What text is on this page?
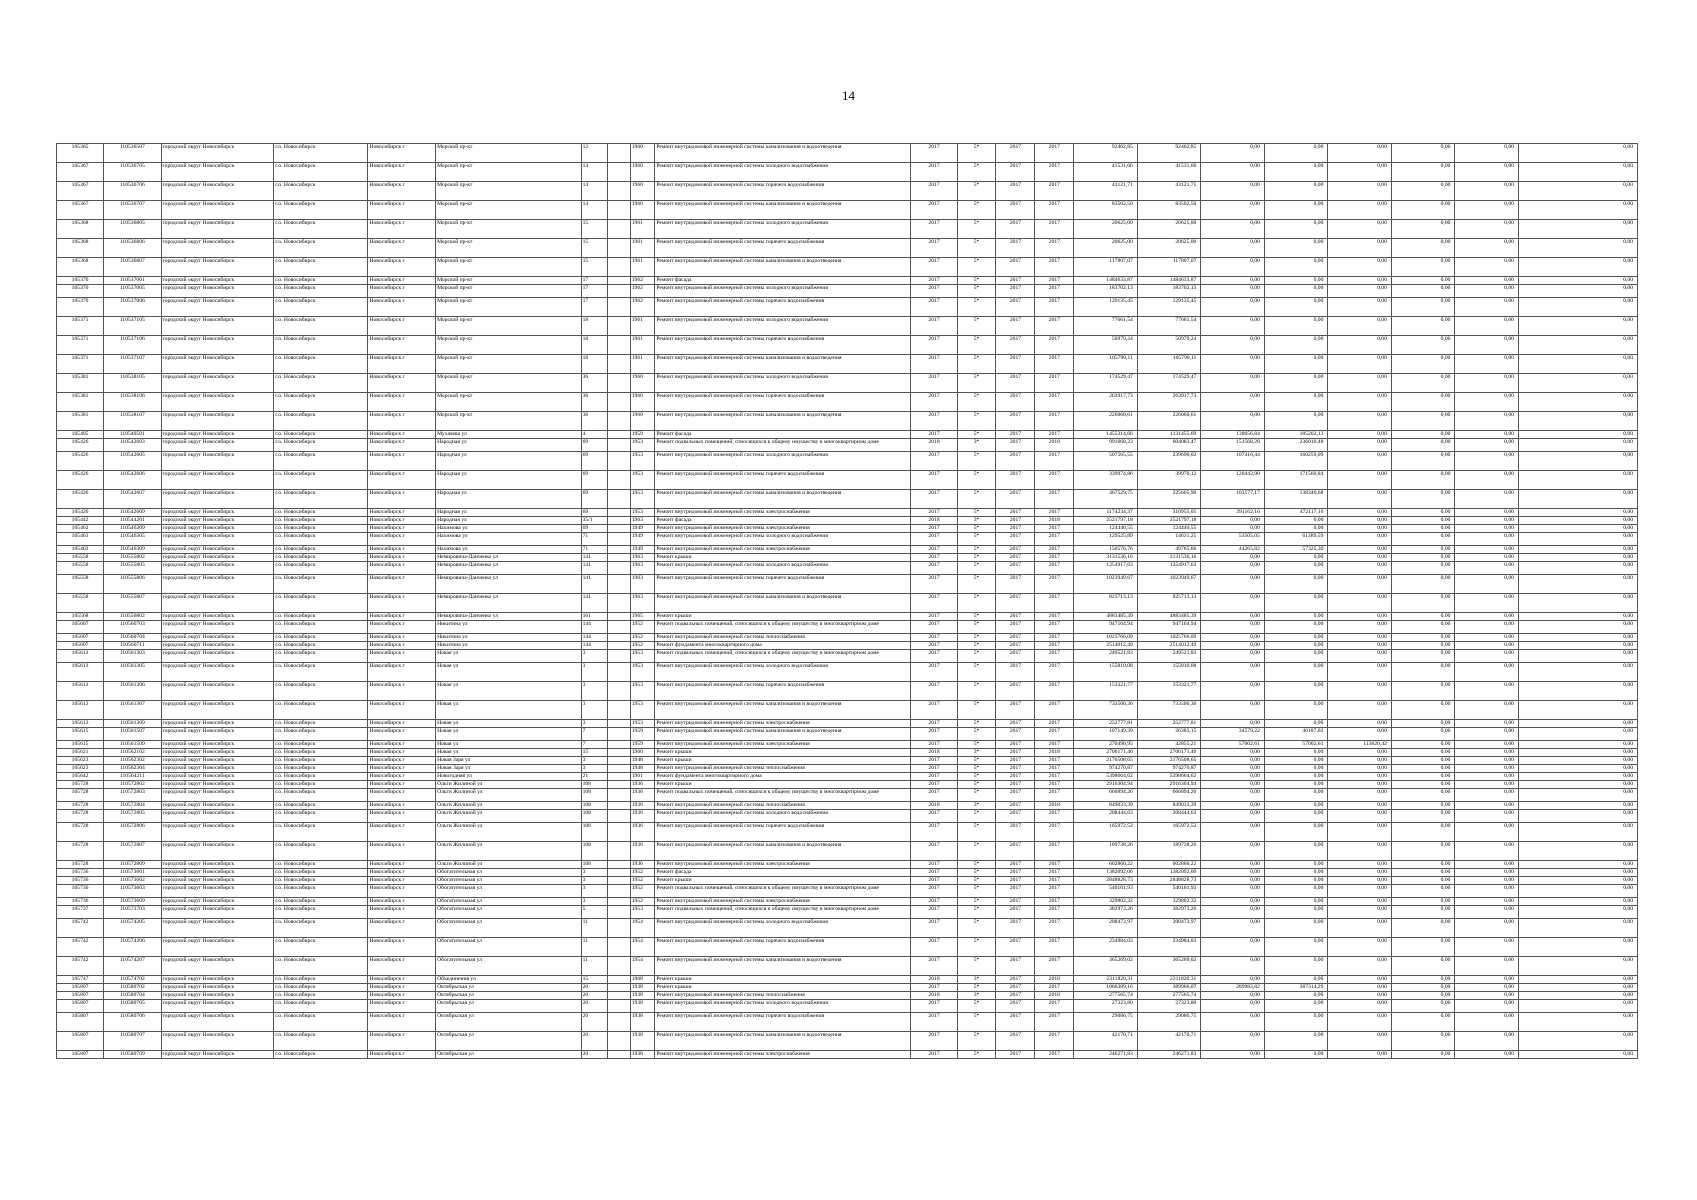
14
105365	110536507	городской округ Новосибирск	г.о. Новосибирск	Новосибирск г	Морской пр-кт	12		1960	Ремонт внутридомовой инженерной системы канализования и водоотведения	2017	5*	2017	2017	92462,85	92462,85	0,00	0,00	0,00	0,00	0,00	0,00
105367	110536705	городской округ Новосибирск	г.о. Новосибирск	Новосибирск г	Морской пр-кт	14		1960	Ремонт внутридомовой инженерной системы холодного водоснабжения	2017	5*	2017	2017	41531,66	41531,66	0,00	0,00	0,00	0,00	0,00	0,00
105367	110536706	городской округ Новосибирск	г.о. Новосибирск	Новосибирск г	Морской пр-кт	14		1960	Ремонт внутридомовой инженерной системы горячего водоснабжения	2017	5*	2017	2017	43121,71	43121,71	0,00	0,00	0,00	0,00	0,00	0,00
105367	110536707	городской округ Новосибирск	г.о. Новосибирск	Новосибирск г	Морской пр-кт	14		1960	Ремонт внутридомовой инженерной системы канализования и водоотведения	2017	5*	2017	2017	83502,50	83502,50	0,00	0,00	0,00	0,00	0,00	0,00
105368	110536805	городской округ Новосибирск	г.о. Новосибирск	Новосибирск г	Морской пр-кт	15		1961	Ремонт внутридомовой инженерной системы холодного водоснабжения	2017	5*	2017	2017	20625,00	20625,00	0,00	0,00	0,00	0,00	0,00	0,00
105368	110536806	городской округ Новосибирск	г.о. Новосибирск	Новосибирск г	Морской пр-кт	15		1961	Ремонт внутридомовой инженерной системы горячего водоснабжения	2017	5*	2017	2017	20625,00	20625,00	0,00	0,00	0,00	0,00	0,00	0,00
105368	110536807	городской округ Новосибирск	г.о. Новосибирск	Новосибирск г	Морской пр-кт	15		1961	Ремонт внутридомовой инженерной системы канализования и водоотведения	2017	5*	2017	2017	117807,07	117807,07	0,00	0,00	0,00	0,00	0,00	0,00
105370	110537001	городской округ Новосибирск	г.о. Новосибирск	Новосибирск г	Морской пр-кт	17		1962	Ремонт фасада	2017	5*	2017	2017	1484633,87	1484633,87	0,00	0,00	0,00	0,00	0,00	0,00
105370	110537005	городской округ Новосибирск	г.о. Новосибирск	Новосибирск г	Морской пр-кт	17		1962	Ремонт внутридомовой инженерной системы холодного водоснабжения	2017	5*	2017	2017	183702,13	183702,13	0,00	0,00	0,00	0,00	0,00	0,00
105370	110537006	городской округ Новосибирск	г.о. Новосибирск	Новосибирск г	Морской пр-кт	17		1962	Ремонт внутридомовой инженерной системы горячего водоснабжения	2017	5*	2017	2017	129135,45	129135,45	0,00	0,00	0,00	0,00	0,00	0,00
105371	110537105	городской округ Новосибирск	г.о. Новосибирск	Новосибирск г	Морской пр-кт	18		1961	Ремонт внутридомовой инженерной системы холодного водоснабжения	2017	5*	2017	2017	77661,54	77661,54	0,00	0,00	0,00	0,00	0,00	0,00
105371	110537106	городской округ Новосибирск	г.о. Новосибирск	Новосибирск г	Морской пр-кт	18		1961	Ремонт внутридомовой инженерной системы горячего водоснабжения	2017	5*	2017	2017	50979,24	50979,24	0,00	0,00	0,00	0,00	0,00	0,00
105371	110537107	городской округ Новосибирск	г.о. Новосибирск	Новосибирск г	Морской пр-кт	18		1961	Ремонт внутридомовой инженерной системы канализования и водоотведения	2017	5*	2017	2017	105790,11	105790,11	0,00	0,00	0,00	0,00	0,00	0,00
105381	110538105	городской округ Новосибирск	г.о. Новосибирск	Новосибирск г	Морской пр-кт	36		1960	Ремонт внутридомовой инженерной системы холодного водоснабжения	2017	5*	2017	2017	174529,47	174529,47	0,00	0,00	0,00	0,00	0,00	0,00
105381	110538106	городской округ Новосибирск	г.о. Новосибирск	Новосибирск г	Морской пр-кт	36		1960	Ремонт внутридомовой инженерной системы горячего водоснабжения	2017	5*	2017	2017	263917,73	263917,73	0,00	0,00	0,00	0,00	0,00	0,00
105381	110538107	городской округ Новосибирск	г.о. Новосибирск	Новосибирск г	Морской пр-кт	36		1960	Ремонт внутридомовой инженерной системы канализования и водоотведения	2017	5*	2017	2017	226060,61	226060,61	0,00	0,00	0,00	0,00	0,00	0,00
105405	110540501	городской округ Новосибирск	г.о. Новосибирск	Новосибирск г	Мухачева ул	4		1959	Ремонт фасада	2017	5*	2017	2017	1455314,66	1131455,69	138656,84	185202,13	0,00	0,00	0,00	0,00
105426	110542603	городской округ Новосибирск	г.о. Новосибирск	Новосибирск г	Народная ул	69		1953	Ремонт подвальных помещений, относящихся к общему имуществу в многоквартирном доме	2018	3*	2017	2018	991668,23	604083,47	151568,28	236016,48	0,00	0,00	0,00	0,00
105426	110542605	городской округ Новосибирск	г.о. Новосибирск	Новосибирск г	Народная ул	69		1953	Ремонт внутридомовой инженерной системы холодного водоснабжения	2017	5*	2017	2017	507565,55	239690,02	107416,44	160259,09	0,00	0,00	0,00	0,00
105426	110542606	городской округ Новосибирск	г.о. Новосибирск	Новосибирск г	Народная ул	69		1953	Ремонт внутридомовой инженерной системы горячего водоснабжения	2017	5*	2017	2017	339974,86	39970,12	128443,90	171560,84	0,00	0,00	0,00	0,00
105426	110542607	городской округ Новосибирск	г.о. Новосибирск	Новосибирск г	Народная ул	69		1953	Ремонт внутридомовой инженерной системы канализования и водоотведения	2017	5*	2017	2017	467529,75	225605,90	103577,17	138346,68	0,00	0,00	0,00	0,00
105426	110542609	городской округ Новосибирск	г.о. Новосибирск	Новосибирск г	Народная ул	69		1953	Ремонт внутридомовой инженерной системы электроснабжения	2017	5*	2017	2017	1174234,37	310955,05	391162,16	472117,16	0,00	0,00	0,00	0,00
105442	110544201	городской округ Новосибирск	г.о. Новосибирск	Новосибирск г	Народная ул	35/1		1963	Ремонт фасада	2018	3*	2017	2018	2521797,18	2521797,18	0,00	0,00	0,00	0,00	0,00	0,00
105462	110546209	городской округ Новосибирск	г.о. Новосибирск	Новосибирск г	Нахимова ул	69		1949	Ремонт внутридомовой инженерной системы электроснабжения	2017	5*	2017	2017	124440,55	124440,55	0,00	0,00	0,00	0,00	0,00	0,00
105463	110546305	городской округ Новосибирск	г.о. Новосибирск	Новосибирск г	Нахимова ул	71		1949	Ремонт внутридомовой инженерной системы холодного водоснабжения	2017	5*	2017	2017	129525,89	14631,25	53505,05	61389,59	0,00	0,00	0,00	0,00
105463	110546309	городской округ Новосибирск	г.о. Новосибирск	Новосибирск г	Нахимова ул	71		1949	Ремонт внутридомовой инженерной системы электроснабжения	2017	5*	2017	2017	150576,76	49765,66	44265,82	57325,30	0,00	0,00	0,00	0,00
105558	110555802	городской округ Новосибирск	г.о. Новосибирск	Новосибирск г	Немировича-Данченко ул	141		1963	Ремонт крыши	2017	5*	2017	2017	3131536,16	3131536,16	0,00	0,00	0,00	0,00	0,00	0,00
105558	110555805	городской округ Новосибирск	г.о. Новосибирск	Новосибирск г	Немировича-Данченко ул	141		1963	Ремонт внутридомовой инженерной системы холодного водоснабжения	2017	5*	2017	2017	1254917,63	1254917,63	0,00	0,00	0,00	0,00	0,00	0,00
105558	110555806	городской округ Новосибирск	г.о. Новосибирск	Новосибирск г	Немировича-Данченко ул	141		1963	Ремонт внутридомовой инженерной системы горячего водоснабжения	2017	5*	2017	2017	1023949,67	1023949,67	0,00	0,00	0,00	0,00	0,00	0,00
105558	110555807	городской округ Новосибирск	г.о. Новосибирск	Новосибирск г	Немировича-Данченко ул	141		1963	Ремонт внутридомовой инженерной системы канализования и водоотведения	2017	5*	2017	2017	825713,13	825713,13	0,00	0,00	0,00	0,00	0,00	0,00
105568	110556802	городской округ Новосибирск	г.о. Новосибирск	Новосибирск г	Немировича-Данченко ул	161		1965	Ремонт крыши	2017	5*	2017	2017	4883485,39	4883485,39	0,00	0,00	0,00	0,00	0,00	0,00
105607	110560703	городской округ Новосибирск	г.о. Новосибирск	Новосибирск г	Никитина ул	144		1952	Ремонт подвальных помещений, относящихся к общему имуществу в многоквартирном доме	2017	5*	2017	2017	947164,94	947164,94	0,00	0,00	0,00	0,00	0,00	0,00
105607	110560704	городской округ Новосибирск	г.о. Новосибирск	Новосибирск г	Никитина ул	144		1952	Ремонт внутридомовой инженерной системы теплоснабжения	2017	5*	2017	2017	1025766,09	1025766,09	0,00	0,00	0,00	0,00	0,00	0,00
105607	110560711	городской округ Новосибирск	г.о. Новосибирск	Новосибирск г	Никитина ул	144		1952	Ремонт фундамента многоквартирного дома	2017	5*	2017	2017	2514012,49	2514012,49	0,00	0,00	0,00	0,00	0,00	0,00
105613	110561303	городской округ Новосибирск	г.о. Новосибирск	Новосибирск г	Новая ул	3		1953	Ремонт подвальных помещений, относящихся к общему имуществу в многоквартирном доме	2017	5*	2017	2017	249521,83	249521,83	0,00	0,00	0,00	0,00	0,00	0,00
105613	110561305	городской округ Новосибирск	г.о. Новосибирск	Новосибирск г	Новая ул	3		1953	Ремонт внутридомовой инженерной системы холодного водоснабжения	2017	5*	2017	2017	155810,08	155810,08	0,00	0,00	0,00	0,00	0,00	0,00
105613	110561306	городской округ Новосибирск	г.о. Новосибирск	Новосибирск г	Новая ул	3		1953	Ремонт внутридомовой инженерной системы горячего водоснабжения	2017	5*	2017	2017	153321,77	153321,77	0,00	0,00	0,00	0,00	0,00	0,00
105613	110561307	городской округ Новосибирск	г.о. Новосибирск	Новосибирск г	Новая ул	3		1953	Ремонт внутридомовой инженерной системы канализования и водоотведения	2017	5*	2017	2017	733500,36	733500,36	0,00	0,00	0,00	0,00	0,00	0,00
105613	110561309	городской округ Новосибирск	г.о. Новосибирск	Новосибирск г	Новая ул	3		1953	Ремонт внутридомовой инженерной системы электроснабжения	2017	5*	2017	2017	252777,81	252777,81	0,00	0,00	0,00	0,00	0,00	0,00
105615	110561507	городской округ Новосибирск	г.о. Новосибирск	Новосибирск г	Новая ул	7		1959	Ремонт внутридомовой инженерной системы канализования и водоотведения	2017	5*	2017	2017	107149,39	26383,15	34579,22	46187,02	0,00	0,00	0,00	0,00
105615	110561509	городской округ Новосибирск	г.о. Новосибирск	Новосибирск г	Новая ул	7		1959	Ремонт внутридомовой инженерной системы электроснабжения	2017	5*	2017	2017	270490,95	42855,21	57002,61	57002,61	113620,42	0,00	0,00	0,00
105621	110562102	городской округ Новосибирск	г.о. Новосибирск	Новосибирск г	Новая ул	15		1960	Ремонт крыши	2018	3*	2017	2018	2706171,46	2706171,46	0,00	0,00	0,00	0,00	0,00	0,00
105623	110562302	городской округ Новосибирск	г.о. Новосибирск	Новосибирск г	Новая Заря ул	3		1948	Ремонт крыши	2017	5*	2017	2017	2176508,65	2176508,65	0,00	0,00	0,00	0,00	0,00	0,00
105623	110562304	городской округ Новосибирск	г.о. Новосибирск	Новосибирск г	Новая Заря ул	3		1948	Ремонт внутридомовой инженерной системы теплоснабжения	2017	5*	2017	2017	974270,87	974270,87	0,00	0,00	0,00	0,00	0,00	0,00
105642	110564211	городской округ Новосибирск	г.о. Новосибирск	Новосибирск г	Новогодняя ул	21		1961	Ремонт фундамента многоквартирного дома	2017	5*	2017	2017	5398664,62	5398664,62	0,00	0,00	0,00	0,00	0,00	0,00
105728	110572802	городской округ Новосибирск	г.о. Новосибирск	Новосибирск г	Ольги Жилиной ул	108		1936	Ремонт крыши	2017	5*	2017	2017	2916304,94	2916304,94	0,00	0,00	0,00	0,00	0,00	0,00
105728	110572803	городской округ Новосибирск	г.о. Новосибирск	Новосибирск г	Ольги Жилиной ул	108		1936	Ремонт подвальных помещений, относящихся к общему имуществу в многоквартирном доме	2017	5*	2017	2017	666894,26	666894,26	0,00	0,00	0,00	0,00	0,00	0,00
105728	110572804	городской округ Новосибирск	г.о. Новосибирск	Новосибирск г	Ольги Жилиной ул	108		1936	Ремонт внутридомовой инженерной системы теплоснабжения	2018	3*	2017	2018	849033,39	849033,39	0,00	0,00	0,00	0,00	0,00	0,00
105728	110572805	городской округ Новосибирск	г.о. Новосибирск	Новосибирск г	Ольги Жилиной ул	108		1936	Ремонт внутридомовой инженерной системы холодного водоснабжения	2017	5*	2017	2017	208444,63	208444,63	0,00	0,00	0,00	0,00	0,00	0,00
105728	110572806	городской округ Новосибирск	г.о. Новосибирск	Новосибирск г	Ольги Жилиной ул	108		1936	Ремонт внутридомовой инженерной системы горячего водоснабжения	2017	5*	2017	2017	165972,52	165972,52	0,00	0,00	0,00	0,00	0,00	0,00
105728	110572807	городской округ Новосибирск	г.о. Новосибирск	Новосибирск г	Ольги Жилиной ул	108		1936	Ремонт внутридомовой инженерной системы канализования и водоотведения	2017	5*	2017	2017	189738,26	189738,26	0,00	0,00	0,00	0,00	0,00	0,00
105728	110572809	городской округ Новосибирск	г.о. Новосибирск	Новосибирск г	Ольги Жилиной ул	108		1936	Ремонт внутридомовой инженерной системы электроснабжения	2017	5*	2017	2017	602860,22	602860,22	0,00	0,00	0,00	0,00	0,00	0,00
105736	110573601	городской округ Новосибирск	г.о. Новосибирск	Новосибирск г	Обогатительная ул	3		1952	Ремонт фасада	2017	5*	2017	2017	1382092,06	1382092,06	0,00	0,00	0,00	0,00	0,00	0,00
105736	110573602	городской округ Новосибирск	г.о. Новосибирск	Новосибирск г	Обогатительная ул	3		1952	Ремонт крыши	2017	5*	2017	2017	2848828,73	2848828,73	0,00	0,00	0,00	0,00	0,00	0,00
105736	110573603	городской округ Новосибирск	г.о. Новосибирск	Новосибирск г	Обогатительная ул	3		1952	Ремонт подвальных помещений, относящихся к общему имуществу в многоквартирном доме	2017	5*	2017	2017	540101,93	540101,93	0,00	0,00	0,00	0,00	0,00	0,00
105736	110573609	городской округ Новосибирск	г.о. Новосибирск	Новосибирск г	Обогатительная ул	3		1952	Ремонт внутридомовой инженерной системы электроснабжения	2017	5*	2017	2017	329802,32	329802,32	0,00	0,00	0,00	0,00	0,00	0,00
105737	110573703	городской округ Новосибирск	г.о. Новосибирск	Новосибирск г	Обогатительная ул	5		1953	Ремонт подвальных помещений, относящихся к общему имуществу в многоквартирном доме	2017	5*	2017	2017	382973,26	382973,26	0,00	0,00	0,00	0,00	0,00	0,00
105742	110574205	городской округ Новосибирск	г.о. Новосибирск	Новосибирск г	Обогатительная ул	11		1954	Ремонт внутридомовой инженерной системы холодного водоснабжения	2017	5*	2017	2017	208473,97	208473,97	0,00	0,00	0,00	0,00	0,00	0,00
105742	110574206	городской округ Новосибирск	г.о. Новосибирск	Новосибирск г	Обогатительная ул	11		1954	Ремонт внутридомовой инженерной системы горячего водоснабжения	2017	5*	2017	2017	234984,03	234984,03	0,00	0,00	0,00	0,00	0,00	0,00
105742	110574207	городской округ Новосибирск	г.о. Новосибирск	Новосибирск г	Обогатительная ул	11		1954	Ремонт внутридомовой инженерной системы канализования и водоотведения	2017	5*	2017	2017	365269,02	365269,02	0,00	0,00	0,00	0,00	0,00	0,00
105747	110574702	городской округ Новосибирск	г.о. Новосибирск	Новосибирск г	Объединения ул	15		1968	Ремонт крыши	2018	3*	2017	2018	2311820,31	2311820,31	0,00	0,00	0,00	0,00	0,00	0,00
105807	110580702	городской округ Новосибирск	г.о. Новосибирск	Новосибирск г	Октябрьская ул	20		1938	Ремонт крыши	2017	5*	2017	2017	1066389,16	389966,07	289983,82	387314,29	0,00	0,00	0,00	0,00
105807	110580704	городской округ Новосибирск	г.о. Новосибирск	Новосибирск г	Октябрьская ул	20		1938	Ремонт внутридомовой инженерной системы теплоснабжения	2018	3*	2017	2018	277565,74	277565,74	0,00	0,00	0,00	0,00	0,00	0,00
105807	110580705	городской округ Новосибирск	г.о. Новосибирск	Новосибирск г	Октябрьская ул	20		1938	Ремонт внутридомовой инженерной системы холодного водоснабжения	2017	5*	2017	2017	27323,80	27323,80	0,00	0,00	0,00	0,00	0,00	0,00
105807	110580706	городской округ Новосибирск	г.о. Новосибирск	Новосибирск г	Октябрьская ул	20		1938	Ремонт внутридомовой инженерной системы горячего водоснабжения	2017	5*	2017	2017	29086,75	29086,75	0,00	0,00	0,00	0,00	0,00	0,00
105807	110580707	городской округ Новосибирск	г.о. Новосибирск	Новосибирск г	Октябрьская ул	20		1938	Ремонт внутридомовой инженерной системы канализования и водоотведения	2017	5*	2017	2017	42170,71	42170,71	0,00	0,00	0,00	0,00	0,00	0,00
105807	110580709	городской округ Новосибирск	г.о. Новосибирск	Новосибирск г	Октябрьская ул	20		1938	Ремонт внутридомовой инженерной системы электроснабжения	2017	5*	2017	2017	246271,83	246271,83	0,00	0,00	0,00	0,00	0,00	0,00
